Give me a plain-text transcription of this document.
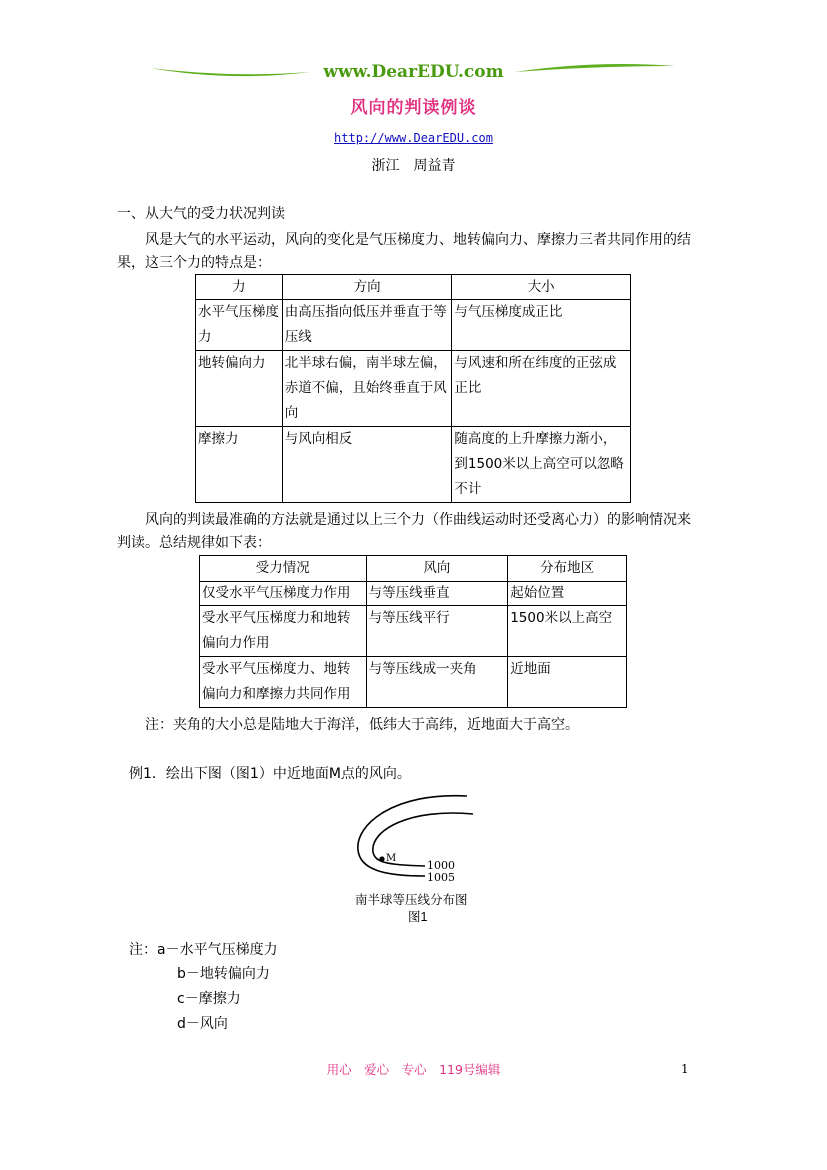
www.DearEDU.com
风向的判读例谈
http://www.DearEDU.com
浙江　周益青
一、从大气的受力状况判读
风是大气的水平运动，风向的变化是气压梯度力、地转偏向力、摩擦力三者共同作用的结
果，这三个力的特点是：
力	方向	大小
水平气压梯度力	由高压指向低压并垂直于等压线	与气压梯度成正比
地转偏向力	北半球右偏，南半球左偏，赤道不偏，且始终垂直于风向	与风速和所在纬度的正弦成正比
摩擦力	与风向相反	随高度的上升摩擦力渐小，到1500米以上高空可以忽略不计
风向的判读最准确的方法就是通过以上三个力（作曲线运动时还受离心力）的影响情况来
判读。总结规律如下表：
受力情况	风向	分布地区
仅受水平气压梯度力作用	与等压线垂直	起始位置
受水平气压梯度力和地转偏向力作用	与等压线平行	1500米以上高空
受水平气压梯度力、地转偏向力和摩擦力共同作用	与等压线成一夹角	近地面
注：夹角的大小总是陆地大于海洋，低纬大于高纬，近地面大于高空。
例1．绘出下图（图1）中近地面M点的风向。
M
1000
1005
南半球等压线分布图
图1
注：a－水平气压梯度力
b－地转偏向力
c－摩擦力
d－风向
用心　爱心　专心　119号编辑	1
